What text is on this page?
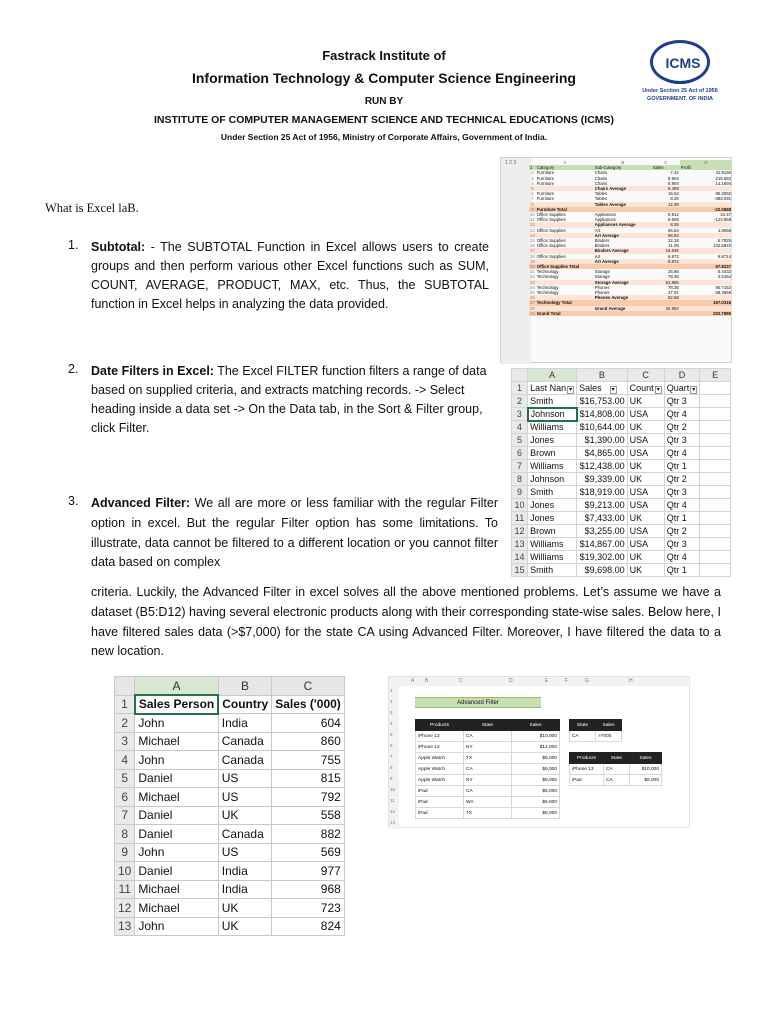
Fastrack Institute of
Information Technology & Computer Science Engineering
RUN BY
INSTITUTE OF COMPUTER MANAGEMENT SCIENCE AND TECHNICAL EDUCATIONS (ICMS)
Under Section 25 Act of 1956, Ministry of Corporate Affairs, Government of India.
ICMS
Under Section 25 Act of 1956
GOVERNMENT. OF INDIA
What is Excel laB.
1. Subtotal: - The SUBTOTAL Function in Excel allows users to create groups and then perform various other Excel functions such as SUM, COUNT, AVERAGE, PRODUCT, MAX, etc. Thus, the SUBTOTAL function in Excel helps in analyzing the data provided.
1 2 3
		A	B	C	D
1	Category	Sub-Category	Sales	Profit
2	Furniture	Chairs	7.42	41.9136
3	Furniture	Chairs	8.904	219.582
4	Furniture	Chairs	8.904	14.1694
5		Chairs Average	8.409	
6	Furniture	Tables	16.52	85.3092
7	Furniture	Tables	8.26	-383.031
8		Tables Average	12.39	
9	Furniture Total			-22.0568
10	Office Supplies	Appliances	9.912	34.47
11	Office Supplies	Appliances	6.608	-123.858
12		Appliances Average	8.26	
13	Office Supplies	Art	66.54	1.9656
14		Art Average	66.54	
15	Office Supplies	Binders	22.18	5.7825
16	Office Supplies	Binders	11.09	132.5922
17		Binders Average	16.635	
18	Office Supplies	Art	8.872	6.8714
19		Art Average	8.872	
20	Office Supplies Total			57.8237
21	Technology	Storage	25.86	5.4432
22	Technology	Storage	78.35	2.5164
23		Storage Average	51.855	
24	Technology	Phones	78.35	90.7152
25	Technology	Phones	47.01	68.3568
26		Phones Average	62.68	
27	Technology Total			167.0316
28		Grand Average	26.952	
29	Grand Total			202.7985
2. Date Filters in Excel: The Excel FILTER function filters a range of data based on supplied criteria, and extracts matching records. -> Select heading inside a data set -> On the Data tab, in the Sort & Filter group, click Filter.
	A	B	C	D	E
1	Last Nan ▾	Sales ▾	Count ▾	Quart ▾	
2	Smith	$16,753.00	UK	Qtr 3	
3	Johnson	$14,808.00	USA	Qtr 4	
4	Williams	$10,644.00	UK	Qtr 2	
5	Jones	$1,390.00	USA	Qtr 3	
6	Brown	$4,865.00	USA	Qtr 4	
7	Williams	$12,438.00	UK	Qtr 1	
8	Johnson	$9,339.00	UK	Qtr 2	
9	Smith	$18,919.00	USA	Qtr 3	
10	Jones	$9,213.00	USA	Qtr 4	
11	Jones	$7,433.00	UK	Qtr 1	
12	Brown	$3,255.00	USA	Qtr 2	
13	Williams	$14,867.00	USA	Qtr 3	
14	Williams	$19,302.00	UK	Qtr 4	
15	Smith	$9,698.00	UK	Qtr 1	
3. Advanced Filter: We all are more or less familiar with the regular Filter option in excel. But the regular Filter option has some limitations. To illustrate, data cannot be filtered to a different location or you cannot filter data based on complex
criteria. Luckily, the Advanced Filter in excel solves all the above mentioned problems. Let’s assume we have a dataset (B5:D12) having several electronic products along with their corresponding state-wise sales. Below here, I have filtered sales data (>$7,000) for the state CA using Advanced Filter. Moreover, I have filtered the data to a new location.
	A	B	C
1	Sales Person	Country	Sales ('000)
2	John	India	604
3	Michael	Canada	860
4	John	Canada	755
5	Daniel	US	815
6	Michael	US	792
7	Daniel	UK	558
8	Daniel	Canada	882
9	John	US	569
10	Daniel	India	977
11	Michael	India	968
12	Michael	UK	723
13	John	UK	824
A B	C	D	E	F	G	H
1
2
3
4
5
6
7
8
9
10
11
12
13
Advanced Filter
Products	State	Sales
iPhone 13	CA	$10,000
iPhone 13	NY	$12,000
Apple Watch	TX	$5,000
Apple Watch	CA	$6,000
Apple Watch	NY	$8,000
iPad	CA	$5,000
iPad	WA	$6,000
iPad	TX	$8,000
State	Sales
CA	>7000
Products	State	Sales
iPhone 13	CA	$10,000
iPad	CA	$8,000
